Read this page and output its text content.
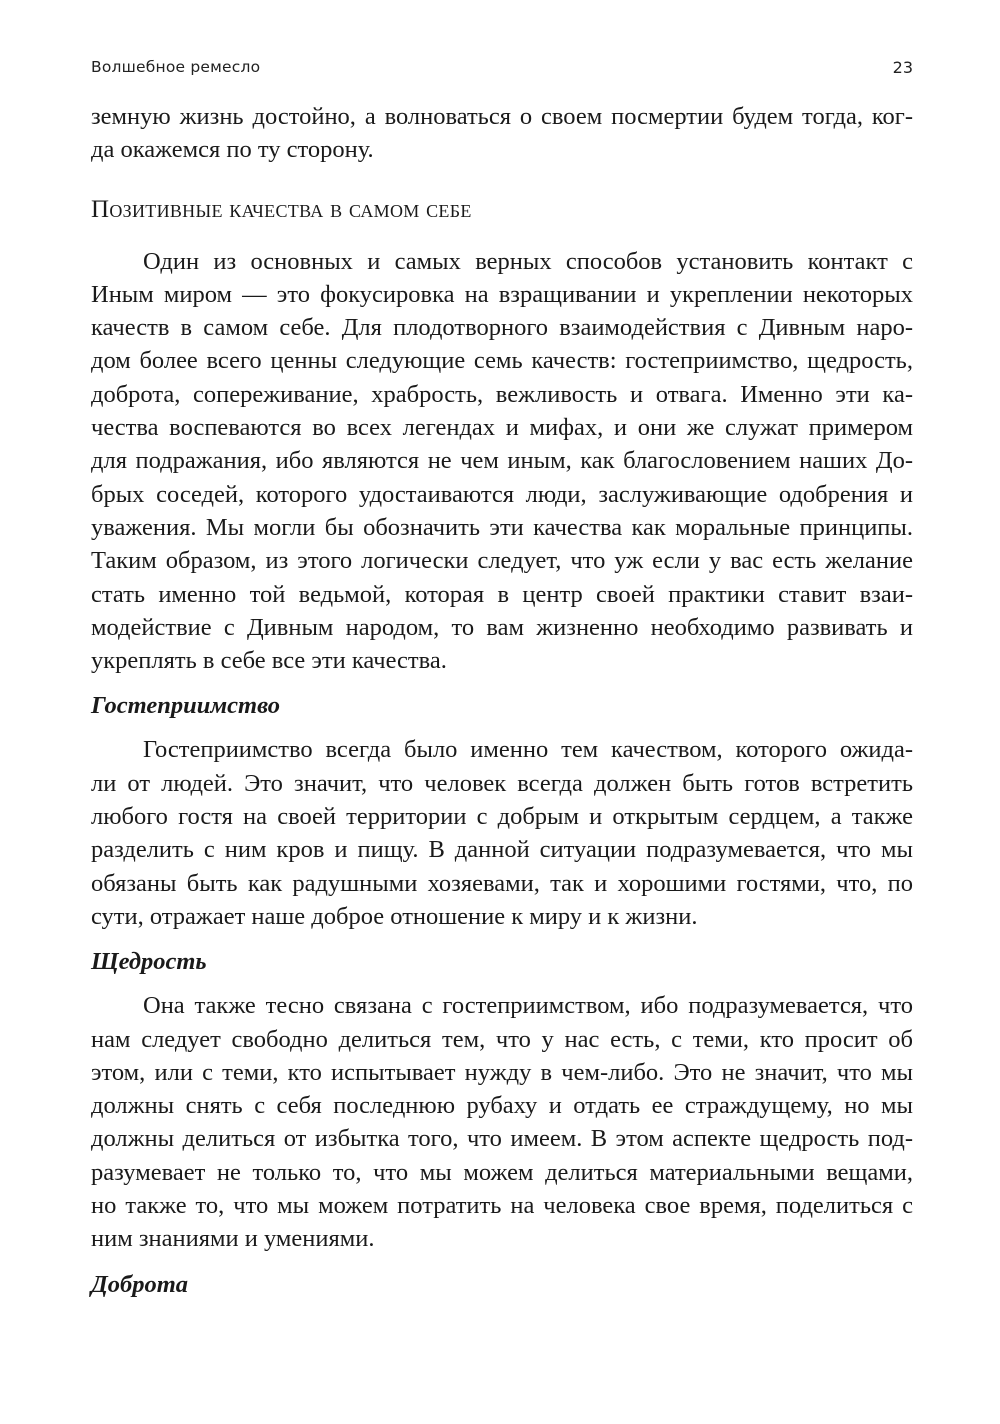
Волшебное ремесло	23

земную жизнь достойно, а волноваться о своем посмертии будем тогда, ког-
да окажемся по ту сторону.

Позитивные качества в самом себе

Один из основных и самых верных способов установить контакт с
Иным миром — это фокусировка на взращивании и укреплении некоторых
качеств в самом себе. Для плодотворного взаимодействия с Дивным наро-
дом более всего ценны следующие семь качеств: гостеприимство, щедрость,
доброта, сопереживание, храбрость, вежливость и отвага. Именно эти ка-
чества воспеваются во всех легендах и мифах, и они же служат примером
для подражания, ибо являются не чем иным, как благословением наших До-
брых соседей, которого удостаиваются люди, заслуживающие одобрения и
уважения. Мы могли бы обозначить эти качества как моральные принципы.
Таким образом, из этого логически следует, что уж если у вас есть желание
стать именно той ведьмой, которая в центр своей практики ставит взаи-
модействие с Дивным народом, то вам жизненно необходимо развивать и
укреплять в себе все эти качества.

Гостеприимство

Гостеприимство всегда было именно тем качеством, которого ожида-
ли от людей. Это значит, что человек всегда должен быть готов встретить
любого гостя на своей территории с добрым и открытым сердцем, а также
разделить с ним кров и пищу. В данной ситуации подразумевается, что мы
обязаны быть как радушными хозяевами, так и хорошими гостями, что, по
сути, отражает наше доброе отношение к миру и к жизни.

Щедрость

Она также тесно связана с гостеприимством, ибо подразумевается, что
нам следует свободно делиться тем, что у нас есть, с теми, кто просит об
этом, или с теми, кто испытывает нужду в чем-либо. Это не значит, что мы
должны снять с себя последнюю рубаху и отдать ее страждущему, но мы
должны делиться от избытка того, что имеем. В этом аспекте щедрость под-
разумевает не только то, что мы можем делиться материальными вещами,
но также то, что мы можем потратить на человека свое время, поделиться с
ним знаниями и умениями.

Доброта
